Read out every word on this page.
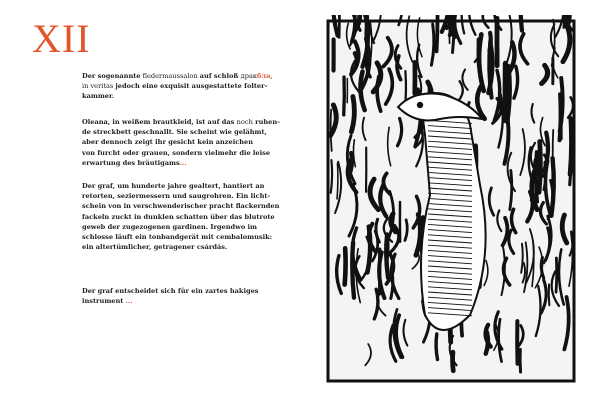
XII

Der sogenannte fledermaussalon auf schloß дракбла,
in veritas jedoch eine exquisit ausgestattete folter-
kammer.

Oleana, in weißem brautkleid, ist auf das noch ruhen-
de streckbett geschnallt. Sie scheint wie gelähmt,
aber dennoch zeigt ihr gesicht kein anzeichen
von furcht oder grauen, sondern vielmehr die leise
erwartung des bräutigams...

Der graf, um hunderte jahre gealtert, hantiert an
retorten, seziermessern und saugrohren. Ein licht-
schein von in verschwenderischer pracht flackernden
fackeln zuckt in dunklen schatten über das blutrote
geweb der zugezogenen gardinen. Irgendwo im
schlosse läuft ein tonbandgerät mit cembalomusik:
ein altertümlicher, getragener csárdás.

Der graf entscheidet sich für ein zartes hakiges
instrument ...
